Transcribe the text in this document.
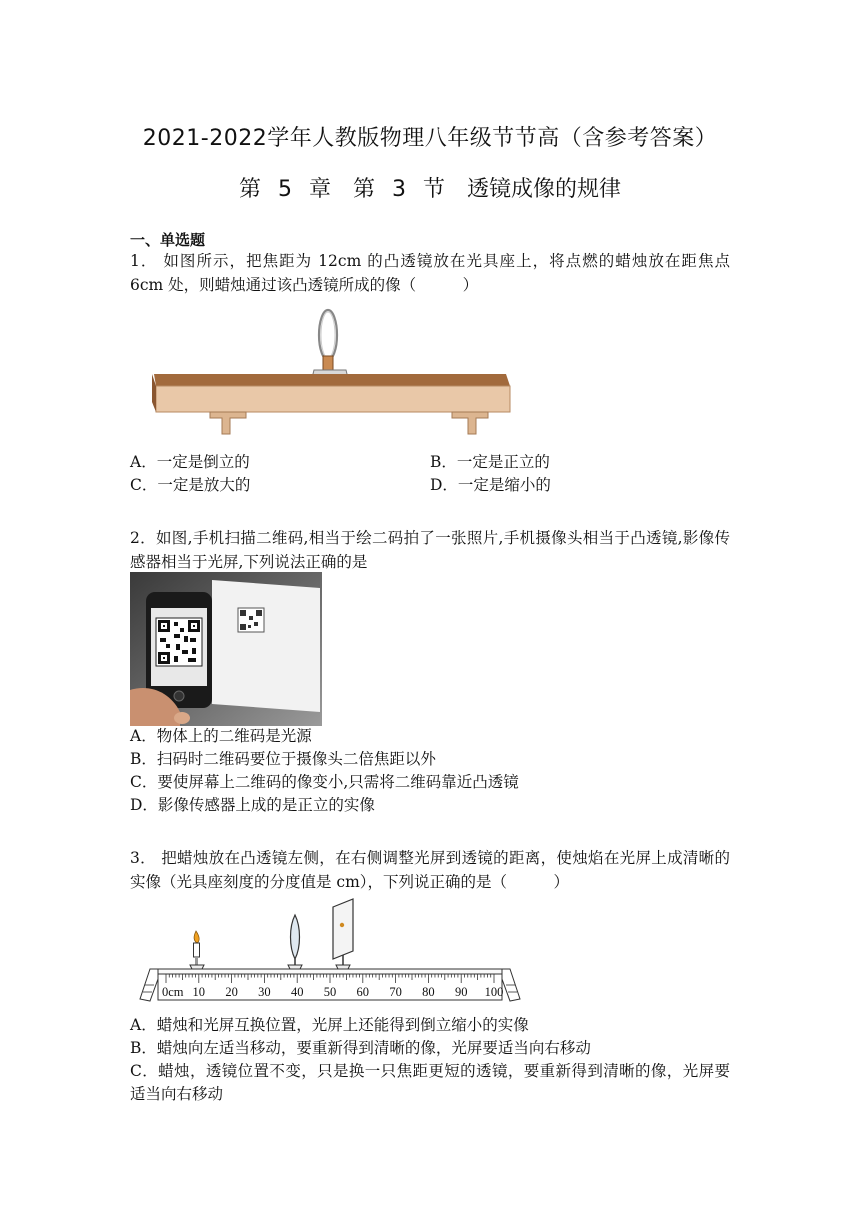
2021-2022学年人教版物理八年级节节高（含参考答案）
第 5 章　第 3 节　透镜成像的规律
一、单选题
1． 如图所示，把焦距为 12cm 的凸透镜放在光具座上，将点燃的蜡烛放在距焦点 6cm 处，则蜡烛通过该凸透镜所成的像（　　　）
A．一定是倒立的	B．一定是正立的
C．一定是放大的	D．一定是缩小的
2．如图,手机扫描二维码,相当于绘二码拍了一张照片,手机摄像头相当于凸透镜,影像传感器相当于光屏,下列说法正确的是
A．物体上的二维码是光源
B．扫码时二维码要位于摄像头二倍焦距以外
C．要使屏幕上二维码的像变小,只需将二维码靠近凸透镜
D．影像传感器上成的是正立的实像
3． 把蜡烛放在凸透镜左侧，在右侧调整光屏到透镜的距离，使烛焰在光屏上成清晰的实像（光具座刻度的分度值是 cm），下列说正确的是（　　　）
0cm 10 20 30 40 50 60 70 80 90 100
A．蜡烛和光屏互换位置，光屏上还能得到倒立缩小的实像
B．蜡烛向左适当移动，要重新得到清晰的像，光屏要适当向右移动
C．蜡烛，透镜位置不变，只是换一只焦距更短的透镜，要重新得到清晰的像，光屏要适当向右移动
